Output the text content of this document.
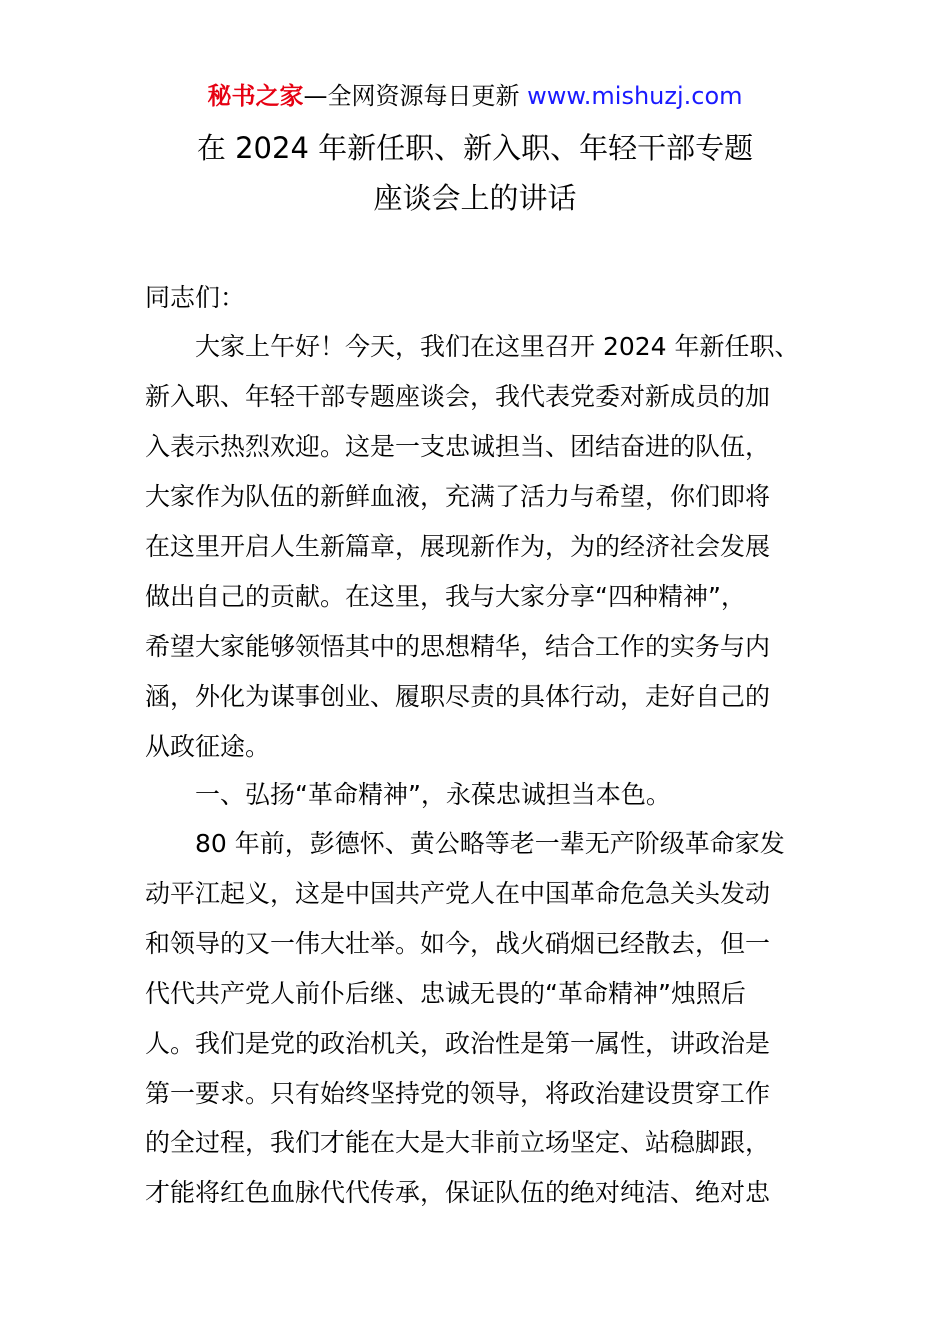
秘书之家—全网资源每日更新 www.mishuzj.com
在 2024 年新任职、新入职、年轻干部专题
座谈会上的讲话
同志们：
大家上午好！今天，我们在这里召开 2024 年新任职、
新入职、年轻干部专题座谈会，我代表党委对新成员的加
入表示热烈欢迎。这是一支忠诚担当、团结奋进的队伍，
大家作为队伍的新鲜血液，充满了活力与希望，你们即将
在这里开启人生新篇章，展现新作为，为的经济社会发展
做出自己的贡献。在这里，我与大家分享“四种精神”，
希望大家能够领悟其中的思想精华，结合工作的实务与内
涵，外化为谋事创业、履职尽责的具体行动，走好自己的
从政征途。
一、弘扬“革命精神”，永葆忠诚担当本色。
80 年前，彭德怀、黄公略等老一辈无产阶级革命家发
动平江起义，这是中国共产党人在中国革命危急关头发动
和领导的又一伟大壮举。如今，战火硝烟已经散去，但一
代代共产党人前仆后继、忠诚无畏的“革命精神”烛照后
人。我们是党的政治机关，政治性是第一属性，讲政治是
第一要求。只有始终坚持党的领导，将政治建设贯穿工作
的全过程，我们才能在大是大非前立场坚定、站稳脚跟，
才能将红色血脉代代传承，保证队伍的绝对纯洁、绝对忠
